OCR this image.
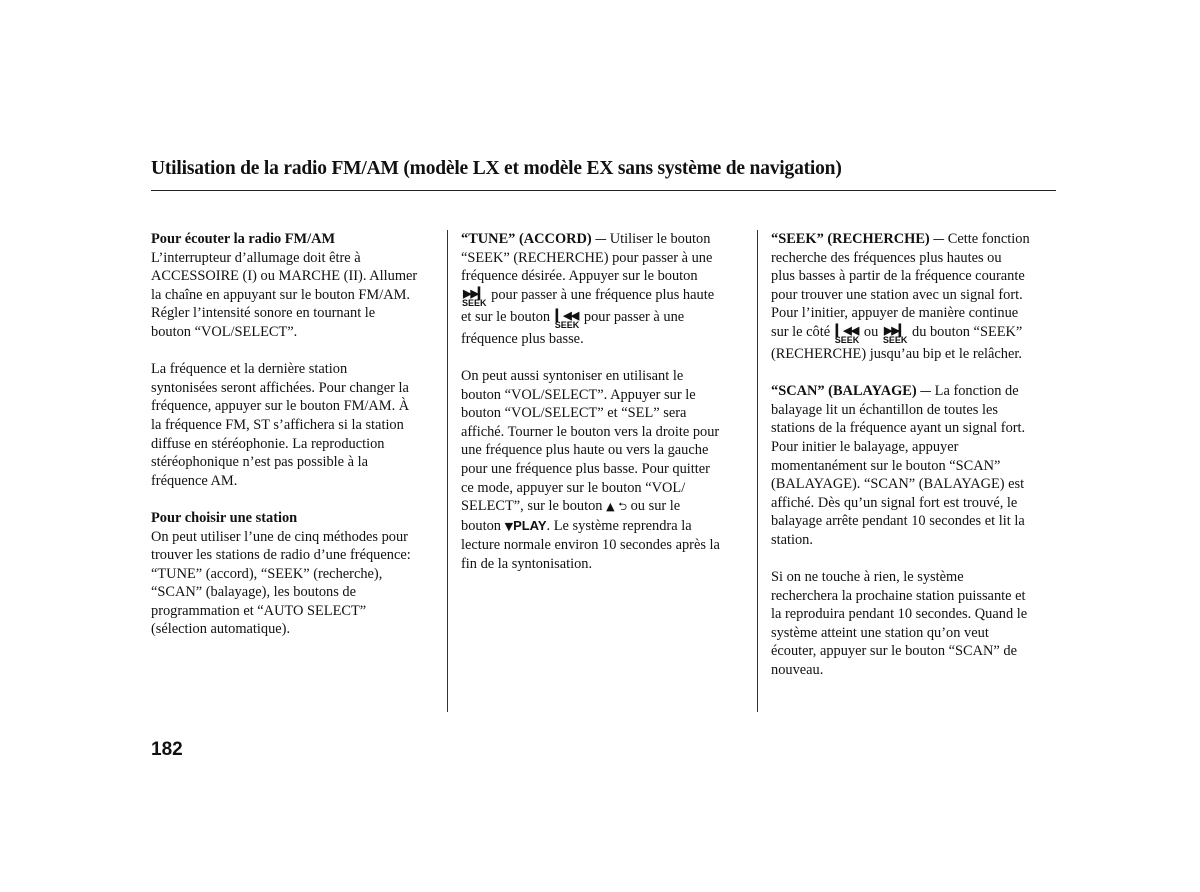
Utilisation de la radio FM/AM (modèle LX et modèle EX sans système de navigation)

Pour écouter la radio FM/AM

L’interrupteur d’allumage doit être à
ACCESSOIRE (I) ou MARCHE (II). Allumer
la chaîne en appuyant sur le bouton FM/AM.
Régler l’intensité sonore en tournant le
bouton “VOL/SELECT”.

La fréquence et la dernière station
syntonisées seront affichées. Pour changer la
fréquence, appuyer sur le bouton FM/AM. À
la fréquence FM, ST s’affichera si la station
diffuse en stéréophonie. La reproduction
stéréophonique n’est pas possible à la
fréquence AM.

Pour choisir une station

On peut utiliser l’une de cinq méthodes pour
trouver les stations de radio d’une fréquence:
“TUNE” (accord), “SEEK” (recherche),
“SCAN” (balayage), les boutons de
programmation et “AUTO SELECT”
(sélection automatique).

“TUNE” (ACCORD) — Utiliser le bouton
“SEEK” (RECHERCHE) pour passer à une
fréquence désirée. Appuyer sur le bouton

▶▶▎
SEEK pour passer à une fréquence plus haute
et sur le bouton ▎◀◀
SEEK pour passer à une
fréquence plus basse.

On peut aussi syntoniser en utilisant le
bouton “VOL/SELECT”. Appuyer sur le
bouton “VOL/SELECT” et “SEL” sera
affiché. Tourner le bouton vers la droite pour
une fréquence plus haute ou vers la gauche
pour une fréquence plus basse. Pour quitter
ce mode, appuyer sur le bouton “VOL/
SELECT”, sur le bouton ▲ ⮌ ou sur le
bouton ▼PLAY. Le système reprendra la
lecture normale environ 10 secondes après la
fin de la syntonisation.

“SEEK” (RECHERCHE) — Cette fonction
recherche des fréquences plus hautes ou
plus basses à partir de la fréquence courante
pour trouver une station avec un signal fort.
Pour l’initier, appuyer de manière continue
sur le côté ▎◀◀
SEEK ou ▶▶▎
SEEK du bouton “SEEK”
(RECHERCHE) jusqu’au bip et le relâcher.

“SCAN” (BALAYAGE) — La fonction de
balayage lit un échantillon de toutes les
stations de la fréquence ayant un signal fort.
Pour initier le balayage, appuyer
momentanément sur le bouton “SCAN”
(BALAYAGE). “SCAN” (BALAYAGE) est
affiché. Dès qu’un signal fort est trouvé, le
balayage arrête pendant 10 secondes et lit la
station.

Si on ne touche à rien, le système
recherchera la prochaine station puissante et
la reproduira pendant 10 secondes. Quand le
système atteint une station qu’on veut
écouter, appuyer sur le bouton “SCAN” de
nouveau.

182
